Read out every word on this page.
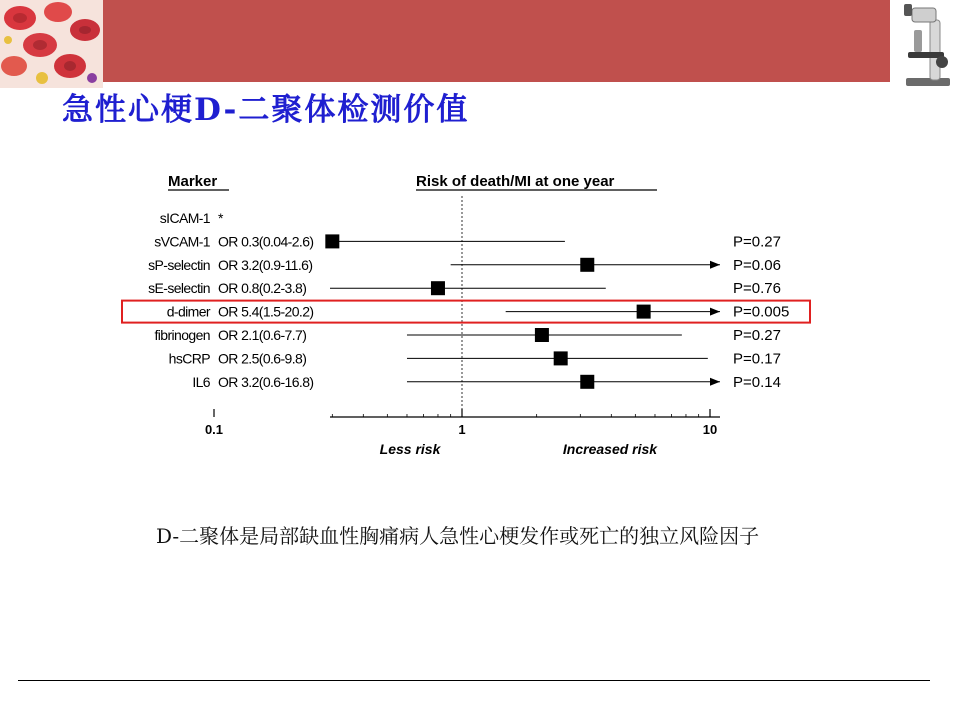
急性心梗D-二聚体检测价值
Marker	Risk of death/MI at one year
sICAM-1 *
sVCAM-1 OR 0.3(0.04-2.6)	P=0.27
sP-selectin OR 3.2(0.9-11.6)	P=0.06
sE-selectin OR 0.8(0.2-3.8)	P=0.76
d-dimer OR 5.4(1.5-20.2)	P=0.005
fibrinogen OR 2.1(0.6-7.7)	P=0.27
hsCRP OR 2.5(0.6-9.8)	P=0.17
IL6 OR 3.2(0.6-16.8)	P=0.14
0.1	1	10
Less risk	Increased risk

D-二聚体是局部缺血性胸痛病人急性心梗发作或死亡的独立风险因子
